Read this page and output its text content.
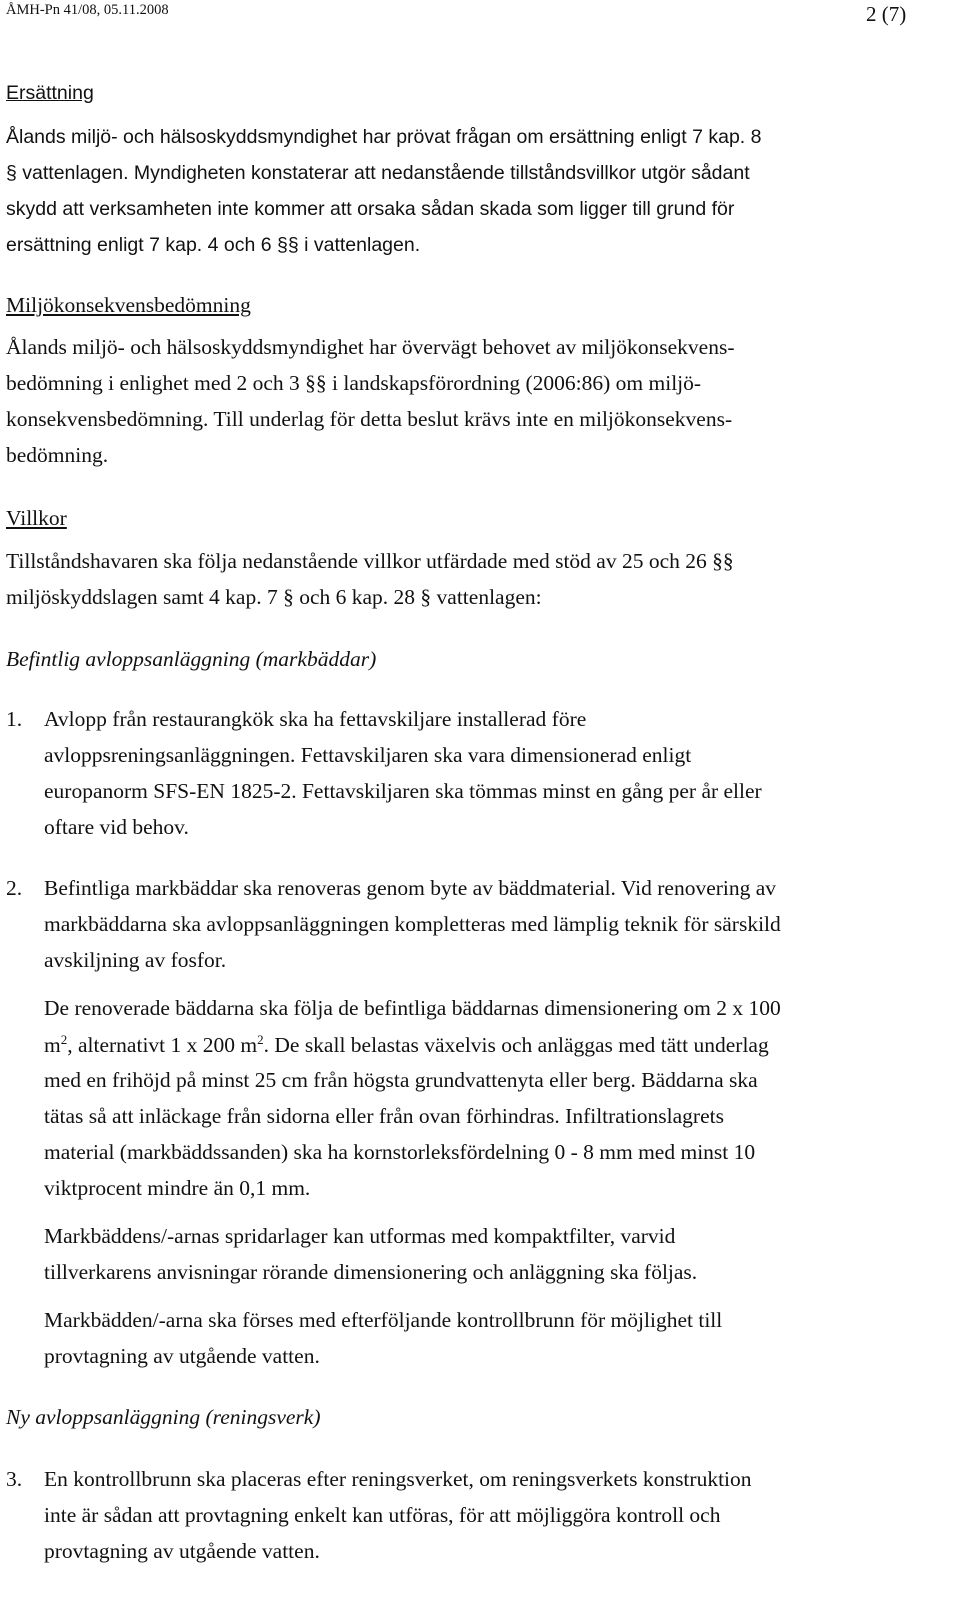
ÅMH-Pn 41/08, 05.11.2008	2 (7)
Ersättning
Ålands miljö- och hälsoskyddsmyndighet har prövat frågan om ersättning enligt 7 kap. 8
§ vattenlagen. Myndigheten konstaterar att nedanstående tillståndsvillkor utgör sådant
skydd att verksamheten inte kommer att orsaka sådan skada som ligger till grund för
ersättning enligt 7 kap. 4 och 6 §§ i vattenlagen.
Miljökonsekvensbedömning
Ålands miljö- och hälsoskyddsmyndighet har övervägt behovet av miljökonsekvens-
bedömning i enlighet med 2 och 3 §§ i landskapsförordning (2006:86) om miljö-
konsekvensbedömning. Till underlag för detta beslut krävs inte en miljökonsekvens-
bedömning.
Villkor
Tillståndshavaren ska följa nedanstående villkor utfärdade med stöd av 25 och 26 §§
miljöskyddslagen samt 4 kap. 7 § och 6 kap. 28 § vattenlagen:
Befintlig avloppsanläggning (markbäddar)
1. Avlopp från restaurangkök ska ha fettavskiljare installerad före
avloppsreningsanläggningen. Fettavskiljaren ska vara dimensionerad enligt
europanorm SFS-EN 1825-2. Fettavskiljaren ska tömmas minst en gång per år eller
oftare vid behov.
2. Befintliga markbäddar ska renoveras genom byte av bäddmaterial. Vid renovering av
markbäddarna ska avloppsanläggningen kompletteras med lämplig teknik för särskild
avskiljning av fosfor.
De renoverade bäddarna ska följa de befintliga bäddarnas dimensionering om 2 x 100
$m^2$, alternativt 1 x 200 $m^2$. De skall belastas växelvis och anläggas med tätt underlag
med en frihöjd på minst 25 cm från högsta grundvattenyta eller berg. Bäddarna ska
tätas så att inläckage från sidorna eller från ovan förhindras. Infiltrationslagrets
material (markbäddssanden) ska ha kornstorleksfördelning 0 - 8 mm med minst 10
viktprocent mindre än 0,1 mm.
Markbäddens/-arnas spridarlager kan utformas med kompaktfilter, varvid
tillverkarens anvisningar rörande dimensionering och anläggning ska följas.
Markbädden/-arna ska förses med efterföljande kontrollbrunn för möjlighet till
provtagning av utgående vatten.
Ny avloppsanläggning (reningsverk)
3. En kontrollbrunn ska placeras efter reningsverket, om reningsverkets konstruktion
inte är sådan att provtagning enkelt kan utföras, för att möjliggöra kontroll och
provtagning av utgående vatten.
